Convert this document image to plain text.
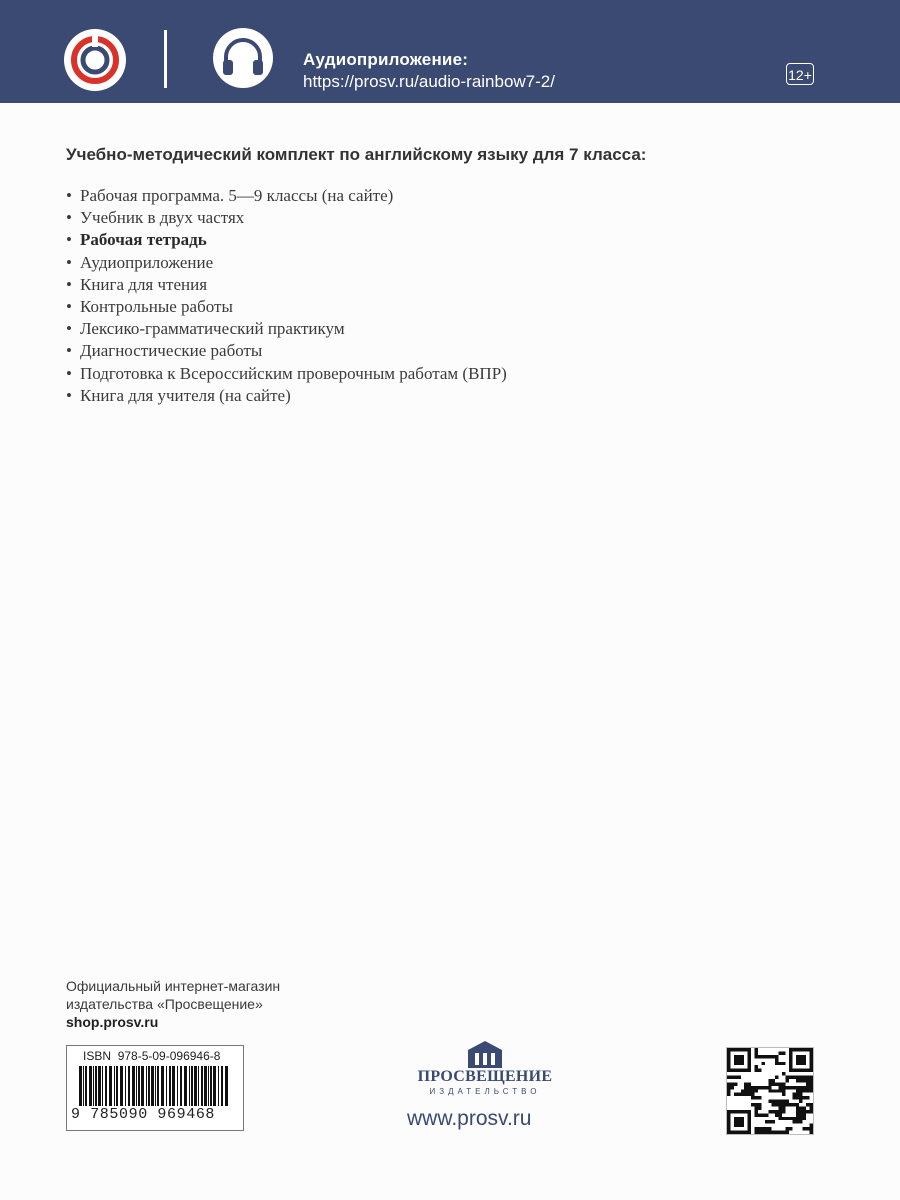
Аудиоприложение:
https://prosv.ru/audio-rainbow7-2/	12+
Учебно-методический комплект по английскому языку для 7 класса:
• Рабочая программа. 5—9 классы (на сайте)
• Учебник в двух частях
• Рабочая тетрадь
• Аудиоприложение
• Книга для чтения
• Контрольные работы
• Лексико-грамматический практикум
• Диагностические работы
• Подготовка к Всероссийским проверочным работам (ВПР)
• Книга для учителя (на сайте)
Официальный интернет-магазин
издательства «Просвещение»
shop.prosv.ru
ISBN 978-5-09-096946-8
9 785090 969468
ПРОСВЕЩЕНИЕ
ИЗДАТЕЛЬСТВО
www.prosv.ru
